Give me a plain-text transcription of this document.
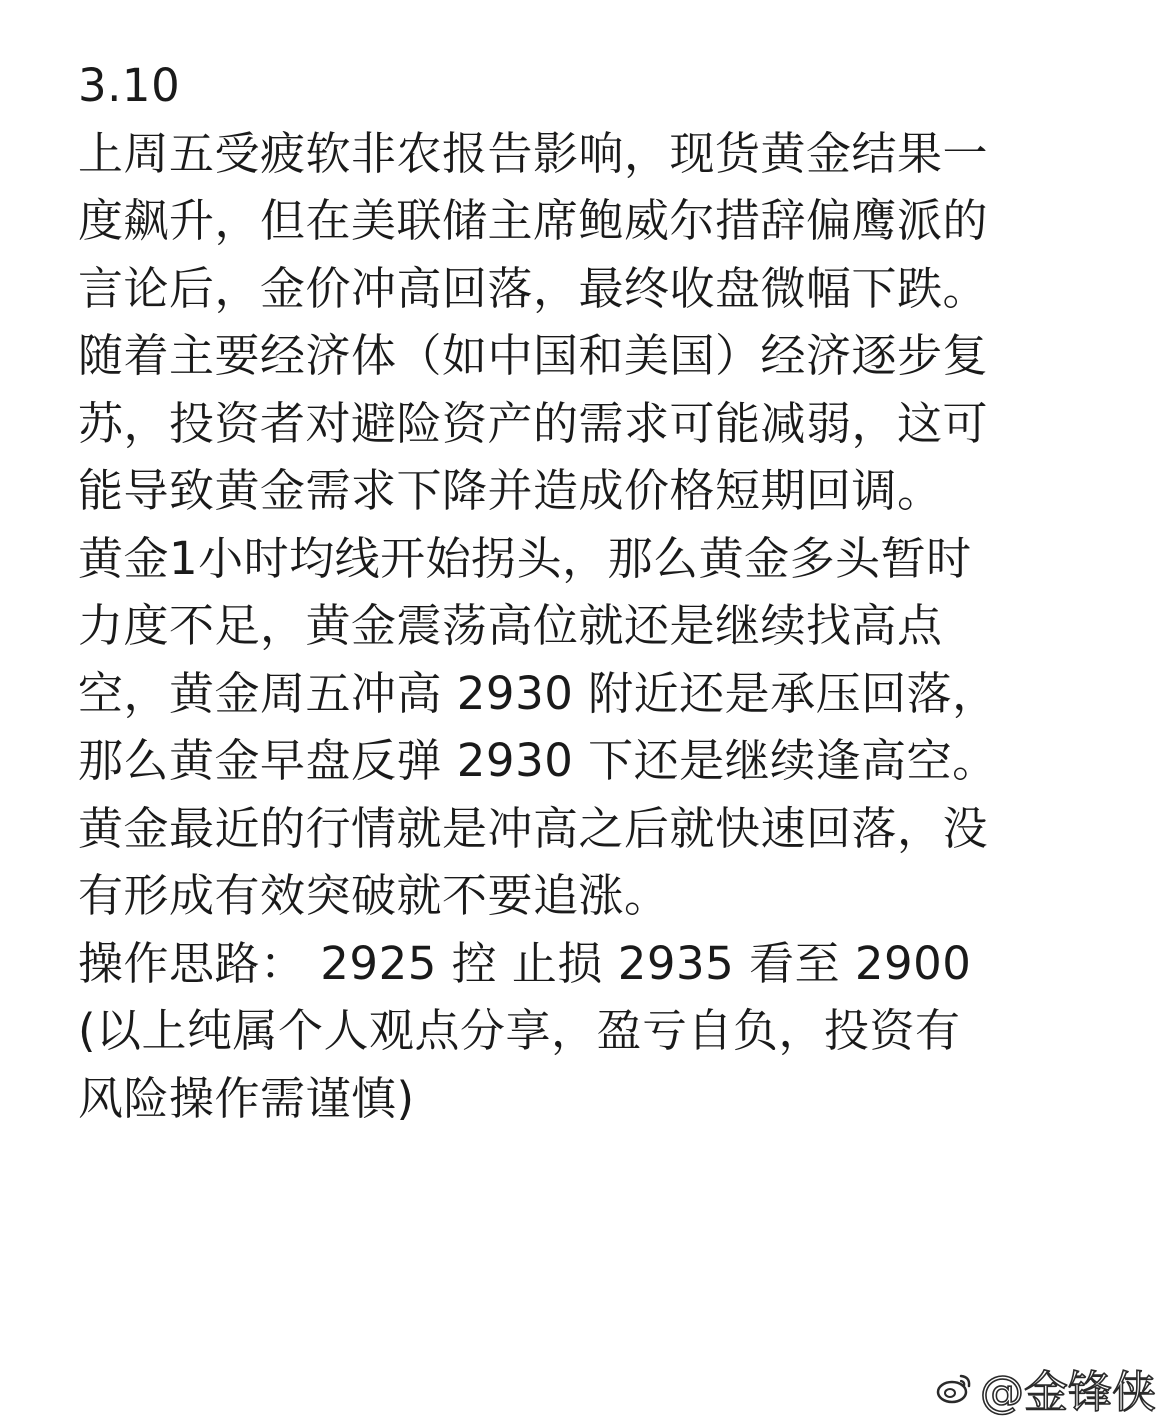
3.10
上周五受疲软非农报告影响，现货黄金结果一
度飙升，但在美联储主席鲍威尔措辞偏鹰派的
言论后，金价冲高回落，最终收盘微幅下跌。
随着主要经济体（如中国和美国）经济逐步复
苏，投资者对避险资产的需求可能减弱，这可
能导致黄金需求下降并造成价格短期回调。
黄金1小时均线开始拐头，那么黄金多头暂时
力度不足，黄金震荡高位就还是继续找高点
空，黄金周五冲高 2930 附近还是承压回落，
那么黄金早盘反弹 2930 下还是继续逢高空。
黄金最近的行情就是冲高之后就快速回落，没
有形成有效突破就不要追涨。
操作思路： 2925 控 止损 2935 看至 2900
(以上纯属个人观点分享，盈亏自负，投资有
风险操作需谨慎)
@金锋侠
